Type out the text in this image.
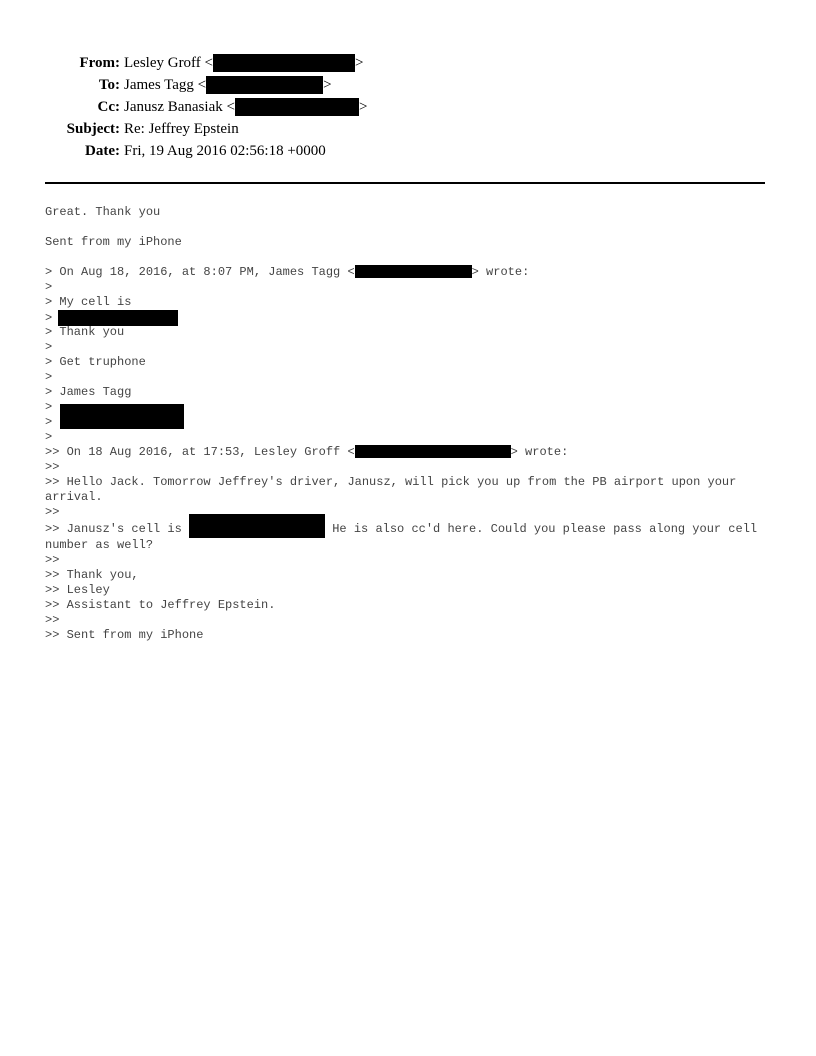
From: Lesley Groff <	>
To: James Tagg <	>
Cc: Janusz Banasiak <	>
Subject: Re: Jeffrey Epstein
Date: Fri, 19 Aug 2016 02:56:18 +0000
Great. Thank you
Sent from my iPhone
> On Aug 18, 2016, at 8:07 PM, James Tagg <	> wrote:
>
> My cell is
>
> Thank you
>
> Get truphone
>
> James Tagg
>
>
>
>> On 18 Aug 2016, at 17:53, Lesley Groff <	> wrote:
>>
>> Hello Jack. Tomorrow Jeffrey's driver, Janusz, will pick you up from the PB airport upon your arrival.
>>
>> Janusz's cell is	He is also cc'd here. Could you please pass along your cell number as well?
>>
>> Thank you,
>> Lesley
>> Assistant to Jeffrey Epstein.
>>
>> Sent from my iPhone
